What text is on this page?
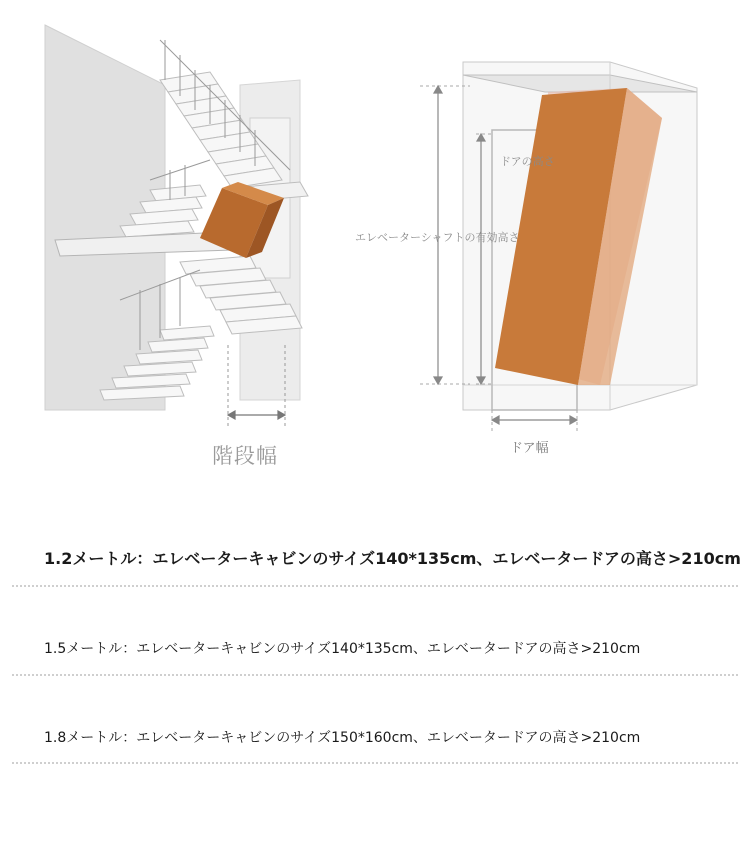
階段幅	ドア幅
ドアの高さ
エレベーターシャフトの有効高さ
1.2メートル：エレベーターキャビンのサイズ140*135cm、エレベータードアの高さ>210cm
1.5メートル：エレベーターキャビンのサイズ140*135cm、エレベータードアの高さ>210cm
1.8メートル：エレベーターキャビンのサイズ150*160cm、エレベータードアの高さ>210cm
